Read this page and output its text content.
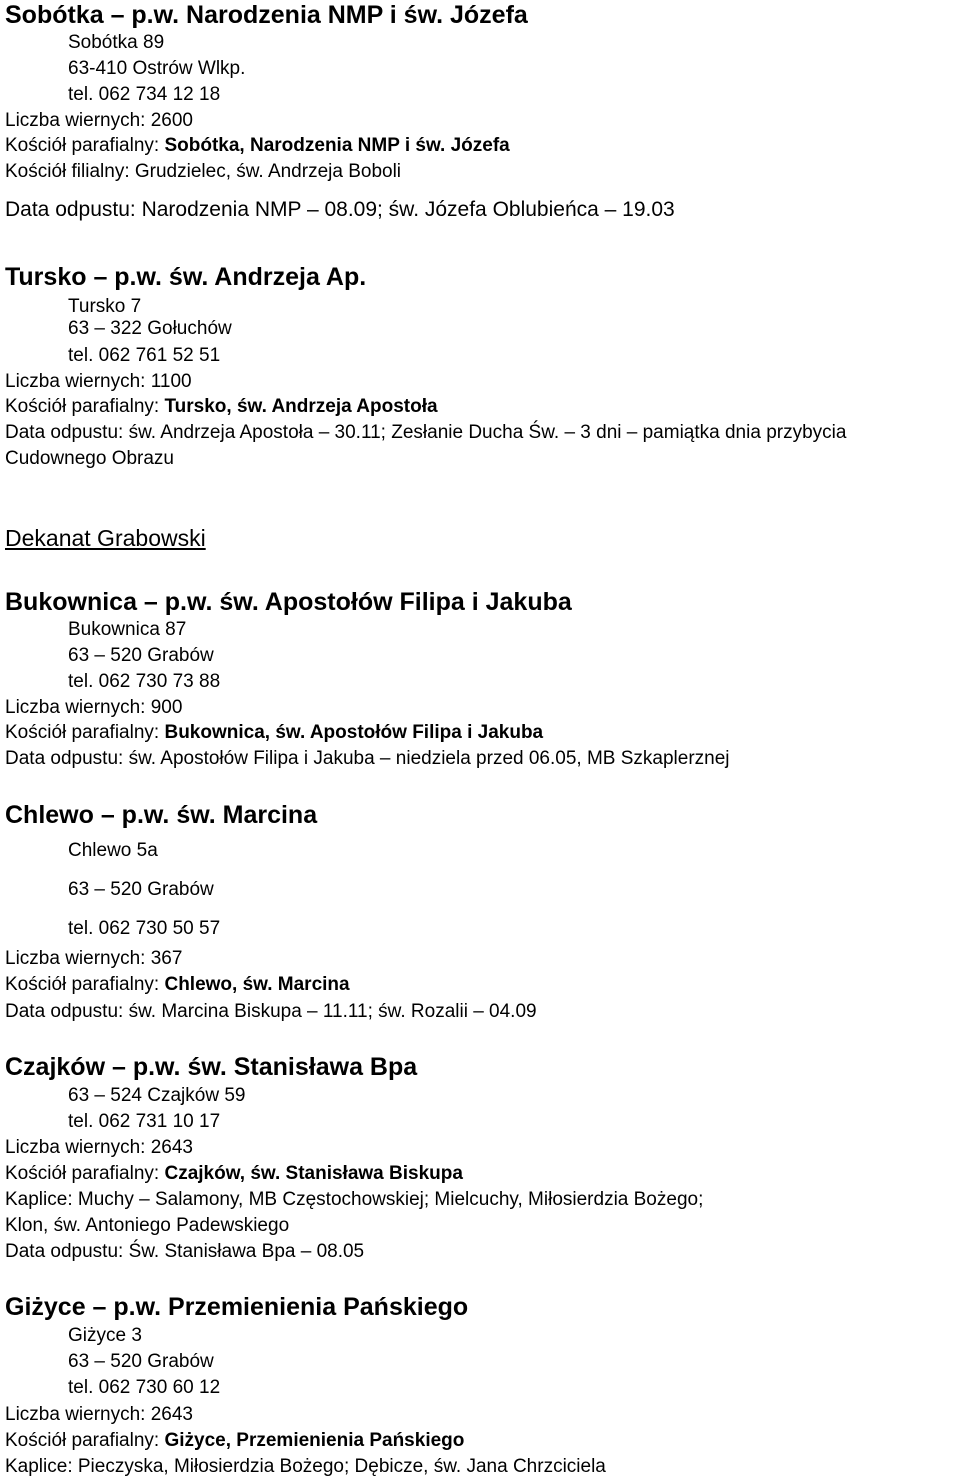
Sobótka – p.w. Narodzenia NMP i św. Józefa
Sobótka 89
63-410 Ostrów Wlkp.
tel. 062 734 12 18
Liczba wiernych: 2600
Kościół parafialny: Sobótka, Narodzenia NMP i św. Józefa
Kościół filialny: Grudzielec, św. Andrzeja Boboli
Data odpustu: Narodzenia NMP – 08.09; św. Józefa Oblubieńca – 19.03
Tursko – p.w. św. Andrzeja Ap.
Tursko 7
63 – 322 Gołuchów
tel. 062 761 52 51
Liczba wiernych: 1100
Kościół parafialny: Tursko, św. Andrzeja Apostoła
Data odpustu: św. Andrzeja Apostoła – 30.11; Zesłanie Ducha Św. – 3 dni – pamiątka dnia przybycia
Cudownego Obrazu
Dekanat Grabowski
Bukownica – p.w. św. Apostołów Filipa i Jakuba
Bukownica 87
63 – 520 Grabów
tel. 062 730 73 88
Liczba wiernych: 900
Kościół parafialny: Bukownica, św. Apostołów Filipa i Jakuba
Data odpustu: św. Apostołów Filipa i Jakuba – niedziela przed 06.05, MB Szkaplerznej
Chlewo – p.w. św. Marcina
Chlewo 5a
63 – 520 Grabów
tel. 062 730 50 57
Liczba wiernych: 367
Kościół parafialny: Chlewo, św. Marcina
Data odpustu: św. Marcina Biskupa – 11.11; św. Rozalii – 04.09
Czajków – p.w. św. Stanisława Bpa
63 – 524 Czajków 59
tel. 062 731 10 17
Liczba wiernych: 2643
Kościół parafialny: Czajków, św. Stanisława Biskupa
Kaplice: Muchy – Salamony, MB Częstochowskiej; Mielcuchy, Miłosierdzia Bożego;
Klon, św. Antoniego Padewskiego
Data odpustu: Św. Stanisława Bpa – 08.05
Giżyce – p.w. Przemienienia Pańskiego
Giżyce 3
63 – 520 Grabów
tel. 062 730 60 12
Liczba wiernych: 2643
Kościół parafialny: Giżyce, Przemienienia Pańskiego
Kaplice: Pieczyska, Miłosierdzia Bożego; Dębicze, św. Jana Chrzciciela
